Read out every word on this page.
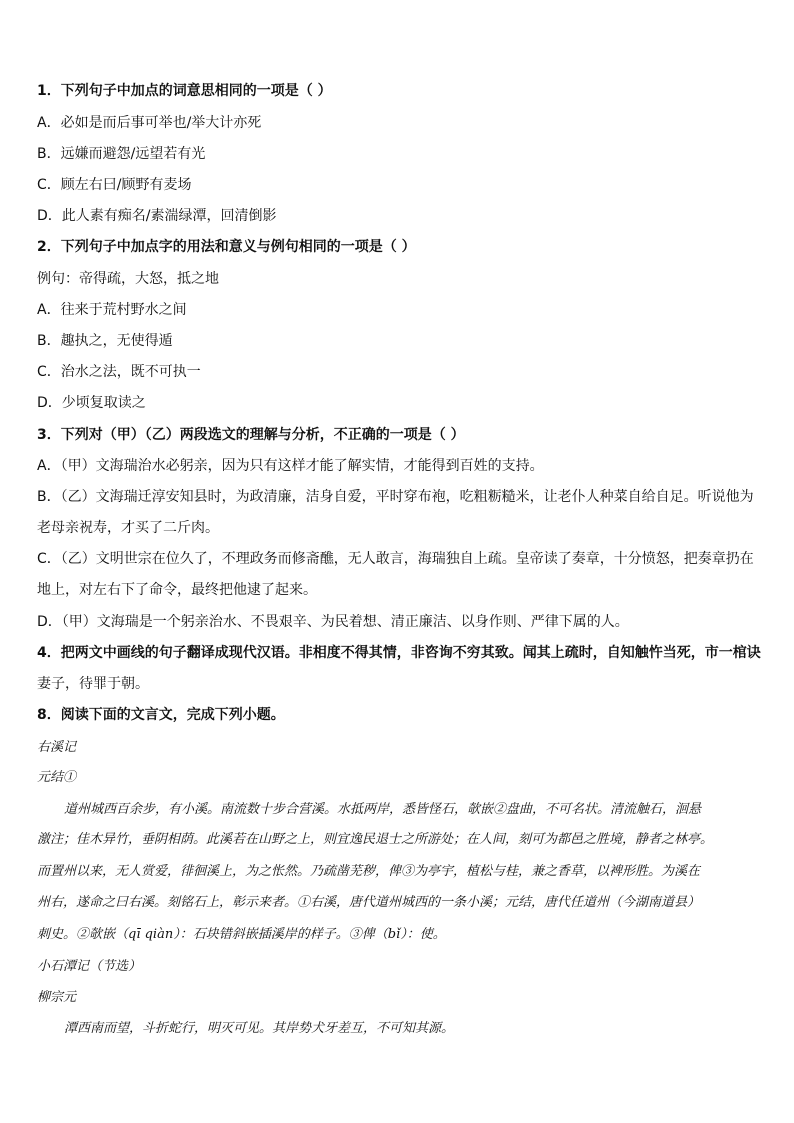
1．下列句子中加点的词意思相同的一项是（ ）
A．必如是而后事可举也/举大计亦死
B．远嫌而避怨/远望若有光
C．顾左右曰/顾野有麦场
D．此人素有痴名/素湍绿潭，回清倒影
2．下列句子中加点字的用法和意义与例句相同的一项是（ ）
例句：帝得疏，大怒，抵之地
A．往来于荒村野水之间
B．趣执之，无使得遁
C．治水之法，既不可执一
D．少顷复取读之
3．下列对（甲）（乙）两段选文的理解与分析，不正确的一项是（ ）
A．（甲）文海瑞治水必躬亲，因为只有这样才能了解实情，才能得到百姓的支持。
B．（乙）文海瑞迁淳安知县时，为政清廉，洁身自爱，平时穿布袍，吃粗粝糙米，让老仆人种菜自给自足。听说他为
老母亲祝寿，才买了二斤肉。
C．（乙）文明世宗在位久了，不理政务而修斋醮，无人敢言，海瑞独自上疏。皇帝读了奏章，十分愤怒，把奏章扔在
地上，对左右下了命令，最终把他逮了起来。
D．（甲）文海瑞是一个躬亲治水、不畏艰辛、为民着想、清正廉洁、以身作则、严律下属的人。
4．把两文中画线的句子翻译成现代汉语。非相度不得其情，非咨询不穷其致。闻其上疏时，自知触忤当死，市一棺诀
妻子，待罪于朝。
8．阅读下面的文言文，完成下列小题。
右溪记
元结①
道州城西百余步，有小溪。南流数十步合营溪。水抵两岸，悉皆怪石，欹嵌②盘曲，不可名状。清流触石，洄悬
激注；佳木异竹，垂阴相荫。此溪若在山野之上，则宜逸民退士之所游处；在人间，刻可为都邑之胜境，静者之林亭。
而置州以来，无人赏爱，徘徊溪上，为之怅然。乃疏凿芜秽，俾③为亭宇，植松与桂，兼之香草，以裨形胜。为溪在
州右，遂命之曰右溪。刻铭石上，彰示来者。①右溪，唐代道州城西的一条小溪；元结，唐代任道州（今湖南道县）
刺史。②欹嵌（qī qiàn）：石块错斜嵌插溪岸的样子。③俾（bǐ）：使。
小石潭记（节选）
柳宗元
潭西南而望，斗折蛇行，明灭可见。其岸势犬牙差互，不可知其源。
